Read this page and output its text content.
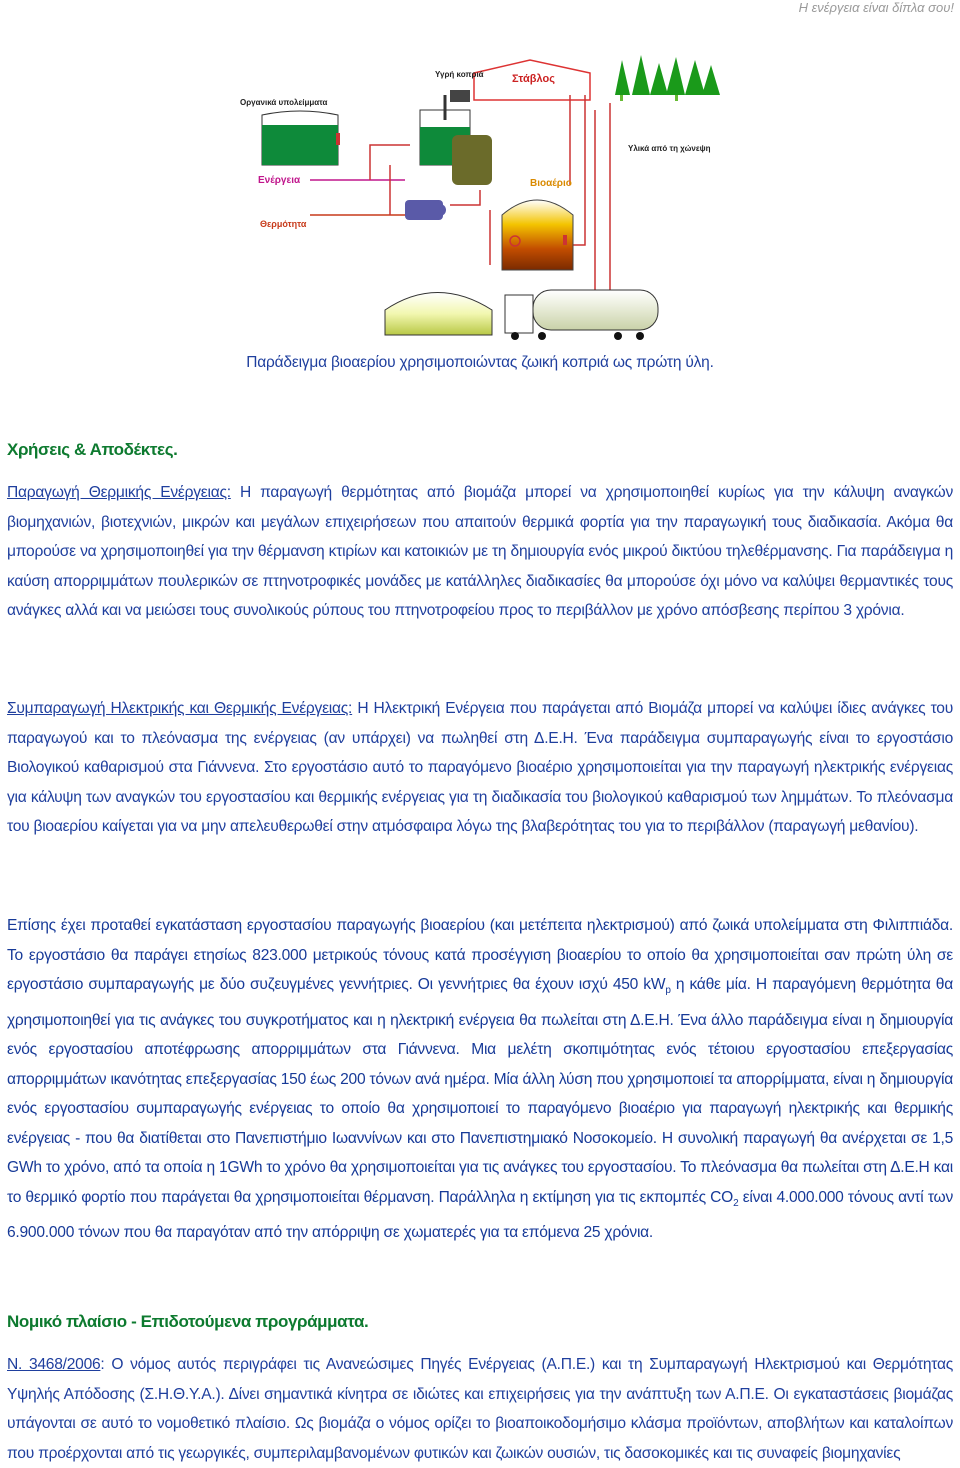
Η ενέργεια είναι δίπλα σου!
Υγρή κοπριά	Στάβλος
Υλικά από τη χώνεψη
Οργανικά υπολείμματα
Ενέργεια
Θερμότητα
Βιοαέριο
Παράδειγμα βιοαερίου χρησιμοποιώντας ζωική κοπριά ως πρώτη ύλη.
Χρήσεις & Αποδέκτες.
Παραγωγή Θερμικής Ενέργειας: Η παραγωγή θερμότητας από βιομάζα μπορεί να χρησιμοποιηθεί κυρίως για την κάλυψη αναγκών βιομηχανιών, βιοτεχνιών, μικρών και μεγάλων επιχειρήσεων που απαιτούν θερμικά φορτία για την παραγωγική τους διαδικασία. Ακόμα θα μπορούσε να χρησιμοποιηθεί για την θέρμανση κτιρίων και κατοικιών με τη δημιουργία ενός μικρού δικτύου τηλεθέρμανσης. Για παράδειγμα η καύση απορριμμάτων πουλερικών σε πτηνοτροφικές μονάδες με κατάλληλες διαδικασίες θα μπορούσε όχι μόνο να καλύψει θερμαντικές τους ανάγκες αλλά και να μειώσει τους συνολικούς ρύπους του πτηνοτροφείου προς το περιβάλλον με χρόνο απόσβεσης περίπου 3 χρόνια.
Συμπαραγωγή Ηλεκτρικής και Θερμικής Ενέργειας: Η Ηλεκτρική Ενέργεια που παράγεται από Βιομάζα μπορεί να καλύψει ίδιες ανάγκες του παραγωγού και το πλεόνασμα της ενέργειας (αν υπάρχει) να πωληθεί στη Δ.Ε.Η. Ένα παράδειγμα συμπαραγωγής είναι το εργοστάσιο Βιολογικού καθαρισμού στα Γιάννενα. Στο εργοστάσιο αυτό το παραγόμενο βιοαέριο χρησιμοποιείται για την παραγωγή ηλεκτρικής ενέργειας για κάλυψη των αναγκών του εργοστασίου και θερμικής ενέργειας για τη διαδικασία του βιολογικού καθαρισμού των λημμάτων. Το πλεόνασμα του βιοαερίου καίγεται για να μην απελευθερωθεί στην ατμόσφαιρα λόγω της βλαβερότητας του για το περιβάλλον (παραγωγή μεθανίου).
Επίσης έχει προταθεί εγκατάσταση εργοστασίου παραγωγής βιοαερίου (και μετέπειτα ηλεκτρισμού) από ζωικά υπολείμματα στη Φιλιππιάδα. Το εργοστάσιο θα παράγει ετησίως 823.000 μετρικούς τόνους κατά προσέγγιση βιοαερίου το οποίο θα χρησιμοποιείται σαν πρώτη ύλη σε εργοστάσιο συμπαραγωγής με δύο συζευγμένες γεννήτριες. Οι γεννήτριες θα έχουν ισχύ 450 $kW_p$ η κάθε μία. Η παραγόμενη θερμότητα θα χρησιμοποιηθεί για τις ανάγκες του συγκροτήματος και η ηλεκτρική ενέργεια θα πωλείται στη Δ.Ε.Η. Ένα άλλο παράδειγμα είναι η δημιουργία ενός εργοστασίου αποτέφρωσης απορριμμάτων στα Γιάννενα. Μια μελέτη σκοπιμότητας ενός τέτοιου εργοστασίου επεξεργασίας απορριμμάτων ικανότητας επεξεργασίας 150 έως 200 τόνων ανά ημέρα. Μία άλλη λύση που χρησιμοποιεί τα απορρίμματα, είναι η δημιουργία ενός εργοστασίου συμπαραγωγής ενέργειας το οποίο θα χρησιμοποιεί το παραγόμενο βιοαέριο για παραγωγή ηλεκτρικής και θερμικής ενέργειας - που θα διατίθεται στο Πανεπιστήμιο Ιωαννίνων και στο Πανεπιστημιακό Νοσοκομείο. Η συνολική παραγωγή θα ανέρχεται σε 1,5 GWh το χρόνο, από τα οποία η 1GWh το χρόνο θα χρησιμοποιείται για τις ανάγκες του εργοστασίου. Το πλεόνασμα θα πωλείται στη Δ.Ε.Η και το θερμικό φορτίο που παράγεται θα χρησιμοποιείται θέρμανση. Παράλληλα η εκτίμηση για τις εκπομπές $CO_2$ είναι 4.000.000 τόνους αντί των 6.900.000 τόνων που θα παραγόταν από την απόρριψη σε χωματερές για τα επόμενα 25 χρόνια.
Νομικό πλαίσιο - Επιδοτούμενα προγράμματα.
Ν. 3468/2006: Ο νόμος αυτός περιγράφει τις Ανανεώσιμες Πηγές Ενέργειας (Α.Π.Ε.) και τη Συμπαραγωγή Ηλεκτρισμού και Θερμότητας Υψηλής Απόδοσης (Σ.Η.Θ.Υ.Α.). Δίνει σημαντικά κίνητρα σε ιδιώτες και επιχειρήσεις για την ανάπτυξη των Α.Π.Ε. Οι εγκαταστάσεις βιομάζας υπάγονται σε αυτό το νομοθετικό πλαίσιο. Ως βιομάζα ο νόμος ορίζει το βιοαποικοδομήσιμο κλάσμα προϊόντων, αποβλήτων και καταλοίπων που προέρχονται από τις γεωργικές, συμπεριλαμβανομένων φυτικών και ζωικών ουσιών, τις δασοκομικές και τις συναφείς βιομηχανίες
